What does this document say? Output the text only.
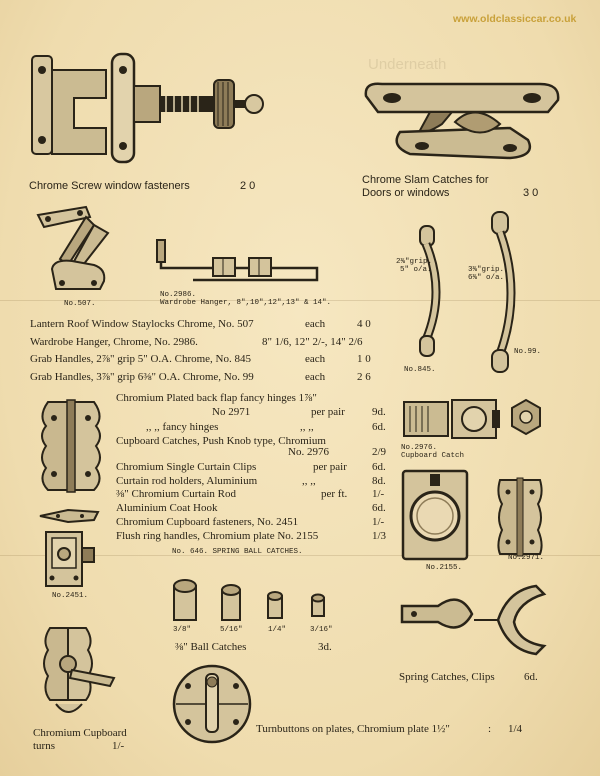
www.oldclassiccar.co.uk
Underneath
Chrome Screw window fasteners	2 0	Chrome Slam Catches for
Doors or windows	3 0
No.2986.
Wardrobe Hanger, 8",10",12",13" & 14".
No.507.
2⅜"grip.
5" o/a.
No.845.
3⅜"grip.
6⅜" o/a.
No.99.
Lantern Roof Window Staylocks Chrome, No. 507	each	4 0
Wardrobe Hanger, Chrome, No. 2986.	8" 1/6, 12" 2/-, 14" 2/6
Grab Handles, 2⅞" grip 5" O.A. Chrome, No. 845	each	1 0
Grab Handles, 3⅞" grip 6⅜" O.A. Chrome, No. 99	each	2 6
Chromium Plated back flap fancy hinges 1⅞"
No 2971	per pair 9d.
,, ,, fancy hinges	,, ,,	6d.
Cupboard Catches, Push Knob type, Chromium
No. 2976	2/9
Chromium Single Curtain Clips	per pair 6d.
Curtain rod holders, Aluminium	,, ,,	8d.
⅜" Chromium Curtain Rod	per ft. 1/-
Aluminium Coat Hook	6d.
Chromium Cupboard fasteners, No. 2451	1/-
Flush ring handles, Chromium plate No. 2155	1/3
No. 646. SPRING BALL CATCHES.
No.2976.
Cupboard Catch
No.2155.
No.2971.
No.2451.
3/8"	5/16"	1/4"	3/16"
⅜" Ball Catches	3d.
Spring Catches, Clips	6d.
Chromium Cupboard
turns	1/-
Turnbuttons on plates, Chromium plate 1½"	: 1/4
